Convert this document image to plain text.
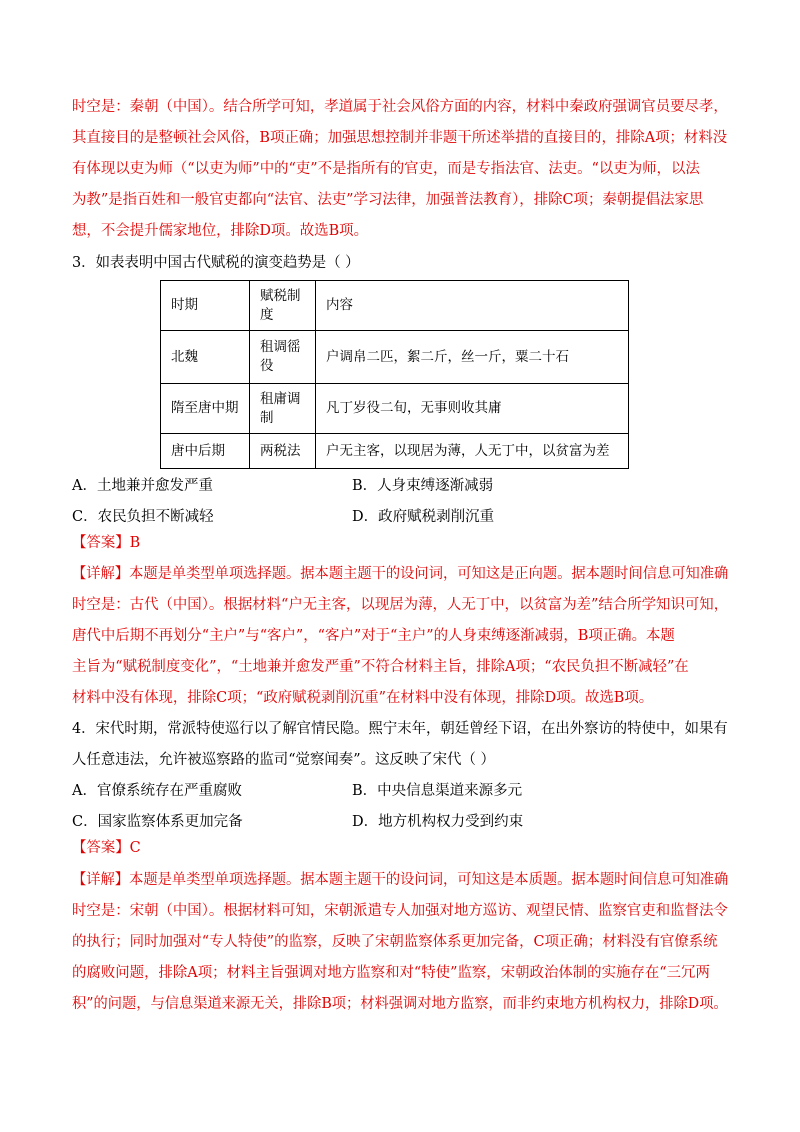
时空是：秦朝（中国）。结合所学可知，孝道属于社会风俗方面的内容，材料中秦政府强调官员要尽孝， 其直接目的是整顿社会风俗，B项正确；加强思想控制并非题干所述举措的直接目的，排除A项；材料没 有体现以吏为师（“以吏为师”中的“吏”不是指所有的官吏，而是专指法官、法吏。“以吏为师，以法 为教”是指百姓和一般官吏都向“法官、法吏”学习法律，加强普法教育），排除C项；秦朝提倡法家思 想，不会提升儒家地位，排除D项。故选B项。
3．如表表明中国古代赋税的演变趋势是（ ）
时期	赋税制度	内容
北魏	租调徭役	户调帛二匹，絮二斤，丝一斤，粟二十石
隋至唐中期	租庸调制	凡丁岁役二旬，无事则收其庸
唐中后期	两税法	户无主客，以现居为薄，人无丁中，以贫富为差
A．土地兼并愈发严重	B．人身束缚逐渐减弱
C．农民负担不断减轻	D．政府赋税剥削沉重
【答案】B
【详解】本题是单类型单项选择题。据本题主题干的设问词，可知这是正向题。据本题时间信息可知准确 时空是：古代（中国）。根据材料“户无主客，以现居为薄，人无丁中，以贫富为差”结合所学知识可知， 唐代中后期不再划分“主户”与“客户”，“客户”对于“主户”的人身束缚逐渐减弱，B项正确。本题 主旨为“赋税制度变化”，“土地兼并愈发严重”不符合材料主旨，排除A项；“农民负担不断减轻”在 材料中没有体现，排除C项；“政府赋税剥削沉重”在材料中没有体现，排除D项。故选B项。
4．宋代时期，常派特使巡行以了解官情民隐。熙宁末年，朝廷曾经下诏，在出外察访的特使中，如果有 人任意违法，允许被巡察路的监司“觉察闻奏”。这反映了宋代（ ）
A．官僚系统存在严重腐败	B．中央信息渠道来源多元
C．国家监察体系更加完备	D．地方机构权力受到约束
【答案】C
【详解】本题是单类型单项选择题。据本题主题干的设问词，可知这是本质题。据本题时间信息可知准确 时空是：宋朝（中国）。根据材料可知，宋朝派遣专人加强对地方巡访、观望民情、监察官吏和监督法令 的执行；同时加强对“专人特使”的监察，反映了宋朝监察体系更加完备，C项正确；材料没有官僚系统 的腐败问题，排除A项；材料主旨强调对地方监察和对“特使”监察，宋朝政治体制的实施存在“三冗两 积”的问题，与信息渠道来源无关，排除B项；材料强调对地方监察，而非约束地方机构权力，排除D项。
